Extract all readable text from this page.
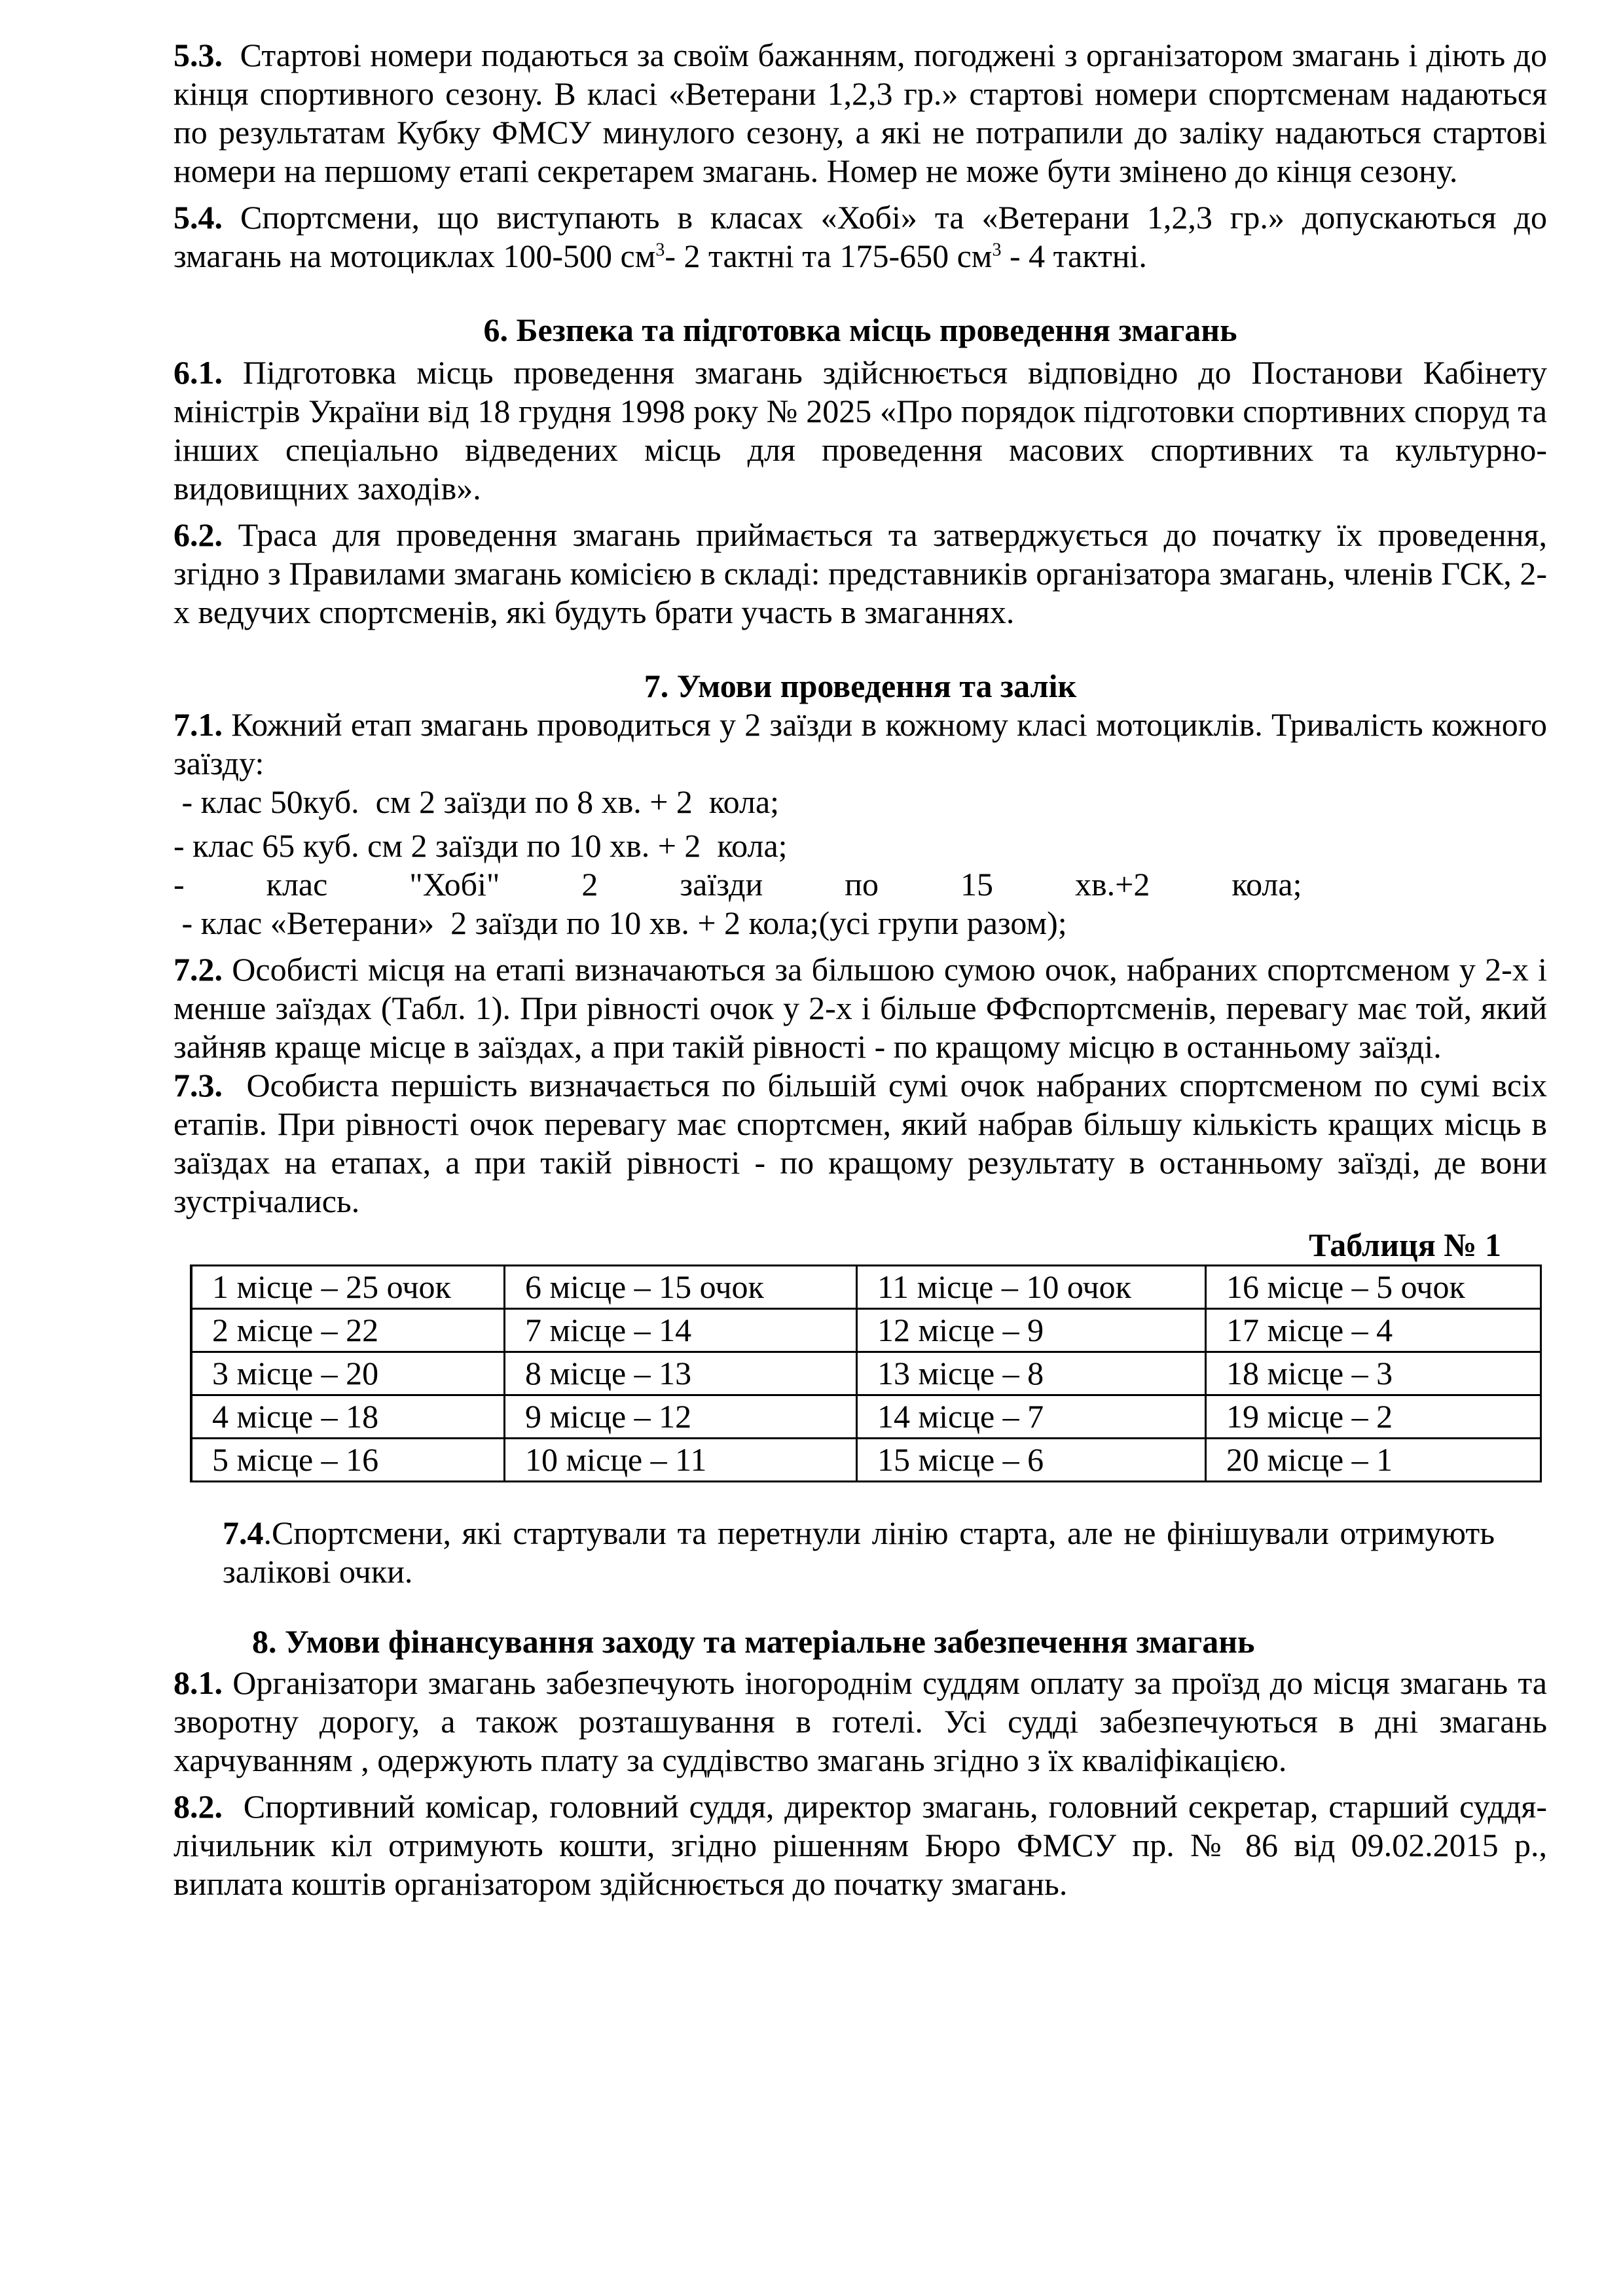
5.3. Стартові номери подаються за своїм бажанням, погоджені з організатором змагань і діють до кінця спортивного сезону. В класі «Ветерани 1,2,3 гр.» стартові номери спортсменам надаються по результатам Кубку ФМСУ минулого сезону, а які не потрапили до заліку надаються стартові номери на першому етапі секретарем змагань. Номер не може бути змінено до кінця сезону.

5.4. Спортсмени, що виступають в класах «Хобі» та «Ветерани 1,2,3 гр.» допускаються до змагань на мотоциклах 100-500 $см^3-$ 2 тактні та 175-650 $см^3 - 4$ тактні.

6. Безпека та підготовка місць проведення змагань

6.1. Підготовка місць проведення змагань здійснюється відповідно до Постанови Кабінету міністрів України від 18 грудня 1998 року № 2025 «Про порядок підготовки спортивних споруд та інших спеціально відведених місць для проведення масових спортивних та культурно-видовищних заходів».

6.2. Траса для проведення змагань приймається та затверджується до початку їх проведення, згідно з Правилами змагань комісією в складі: представників організатора змагань, членів ГСК, 2-х ведучих спортсменів, які будуть брати участь в змаганнях.

7. Умови проведення та залік

7.1. Кожний етап змагань проводиться у 2 заїзди в кожному класі мотоциклів. Тривалість кожного заїзду:

- клас 50куб.  см 2 заїзди по 8 хв. + 2  кола;

- клас 65 куб. см 2 заїзди по 10 хв. + 2  кола;

-          клас          "Хобі"          2          заїзди          по          15          хв.+2          кола;

- клас «Ветерани»  2 заїзди по 10 хв. + 2 кола;(усі групи разом);

7.2. Особисті місця на етапі визначаються за більшою сумою очок, набраних спортсменом у 2-х і менше заїздах (Табл. 1). При рівності очок у 2-х і більше ФФспортсменів, перевагу має той, який зайняв краще місце в заїздах, а при такій рівності - по кращому місцю в останньому заїзді.

7.3. Особиста першість визначається по більшій сумі очок набраних спортсменом по сумі всіх етапів. При рівності очок перевагу має спортсмен, який набрав більшу кількість кращих місць в заїздах на етапах, а при такій рівності - по кращому результату в останньому заїзді, де вони зустрічались.

Таблиця № 1

1 місце – 25 очок	6 місце – 15 очок	11 місце – 10 очок	16 місце – 5 очок
2 місце – 22	7 місце – 14	12 місце – 9	17 місце – 4
3 місце – 20	8 місце – 13	13 місце – 8	18 місце – 3
4 місце – 18	9 місце – 12	14 місце – 7	19 місце – 2
5 місце – 16	10 місце – 11	15 місце – 6	20 місце – 1

7.4.Спортсмени, які стартували та перетнули лінію старта, але не фінішували отримують залікові очки.

8. Умови фінансування заходу та матеріальне забезпечення змагань

8.1. Організатори змагань забезпечують іногороднім суддям оплату за проїзд до місця змагань та зворотну дорогу, а також розташування в готелі. Усі судді забезпечуються в дні змагань харчуванням , одержують плату за суддівство змагань згідно з їх кваліфікацією.

8.2. Спортивний комісар, головний суддя, директор змагань, головний секретар, старший суддя-лічильник кіл отримують кошти, згідно рішенням Бюро ФМСУ пр. № 86 від 09.02.2015 р., виплата коштів організатором здійснюється до початку змагань.
